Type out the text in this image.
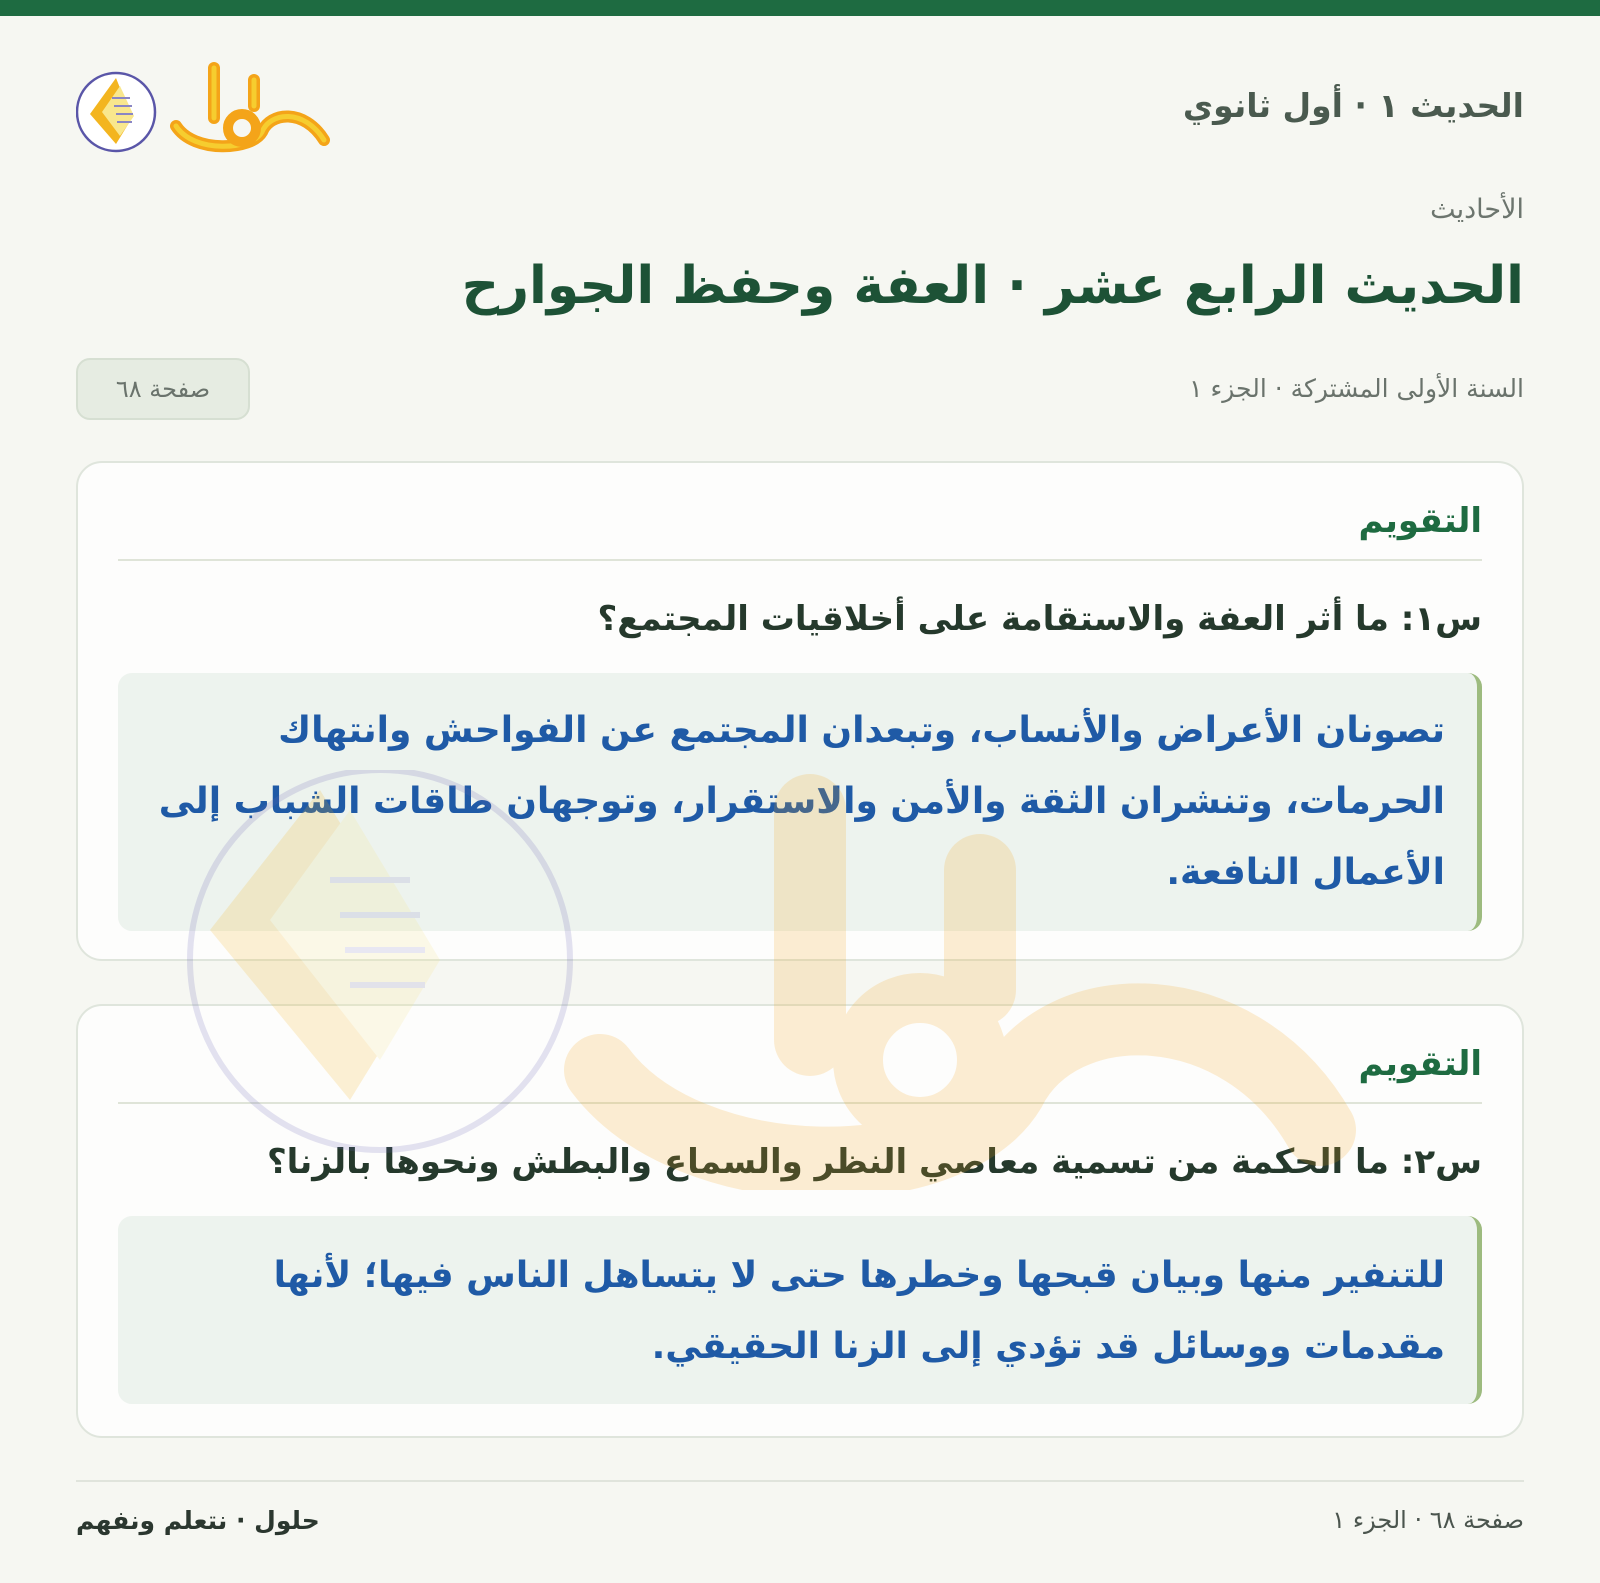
الحديث ١ · أول ثانوي
الأحاديث
الحديث الرابع عشر · العفة وحفظ الجوارح
السنة الأولى المشتركة · الجزء ١
صفحة ٦٨
التقويم
س١: ما أثر العفة والاستقامة على أخلاقيات المجتمع؟
تصونان الأعراض والأنساب، وتبعدان المجتمع عن الفواحش وانتهاك الحرمات، وتنشران الثقة والأمن والاستقرار، وتوجهان طاقات الشباب إلى الأعمال النافعة.
التقويم
س٢: ما الحكمة من تسمية معاصي النظر والسماع والبطش ونحوها بالزنا؟
للتنفير منها وبيان قبحها وخطرها حتى لا يتساهل الناس فيها؛ لأنها مقدمات ووسائل قد تؤدي إلى الزنا الحقيقي.
صفحة ٦٨ · الجزء ١
حلول · نتعلم ونفهم
